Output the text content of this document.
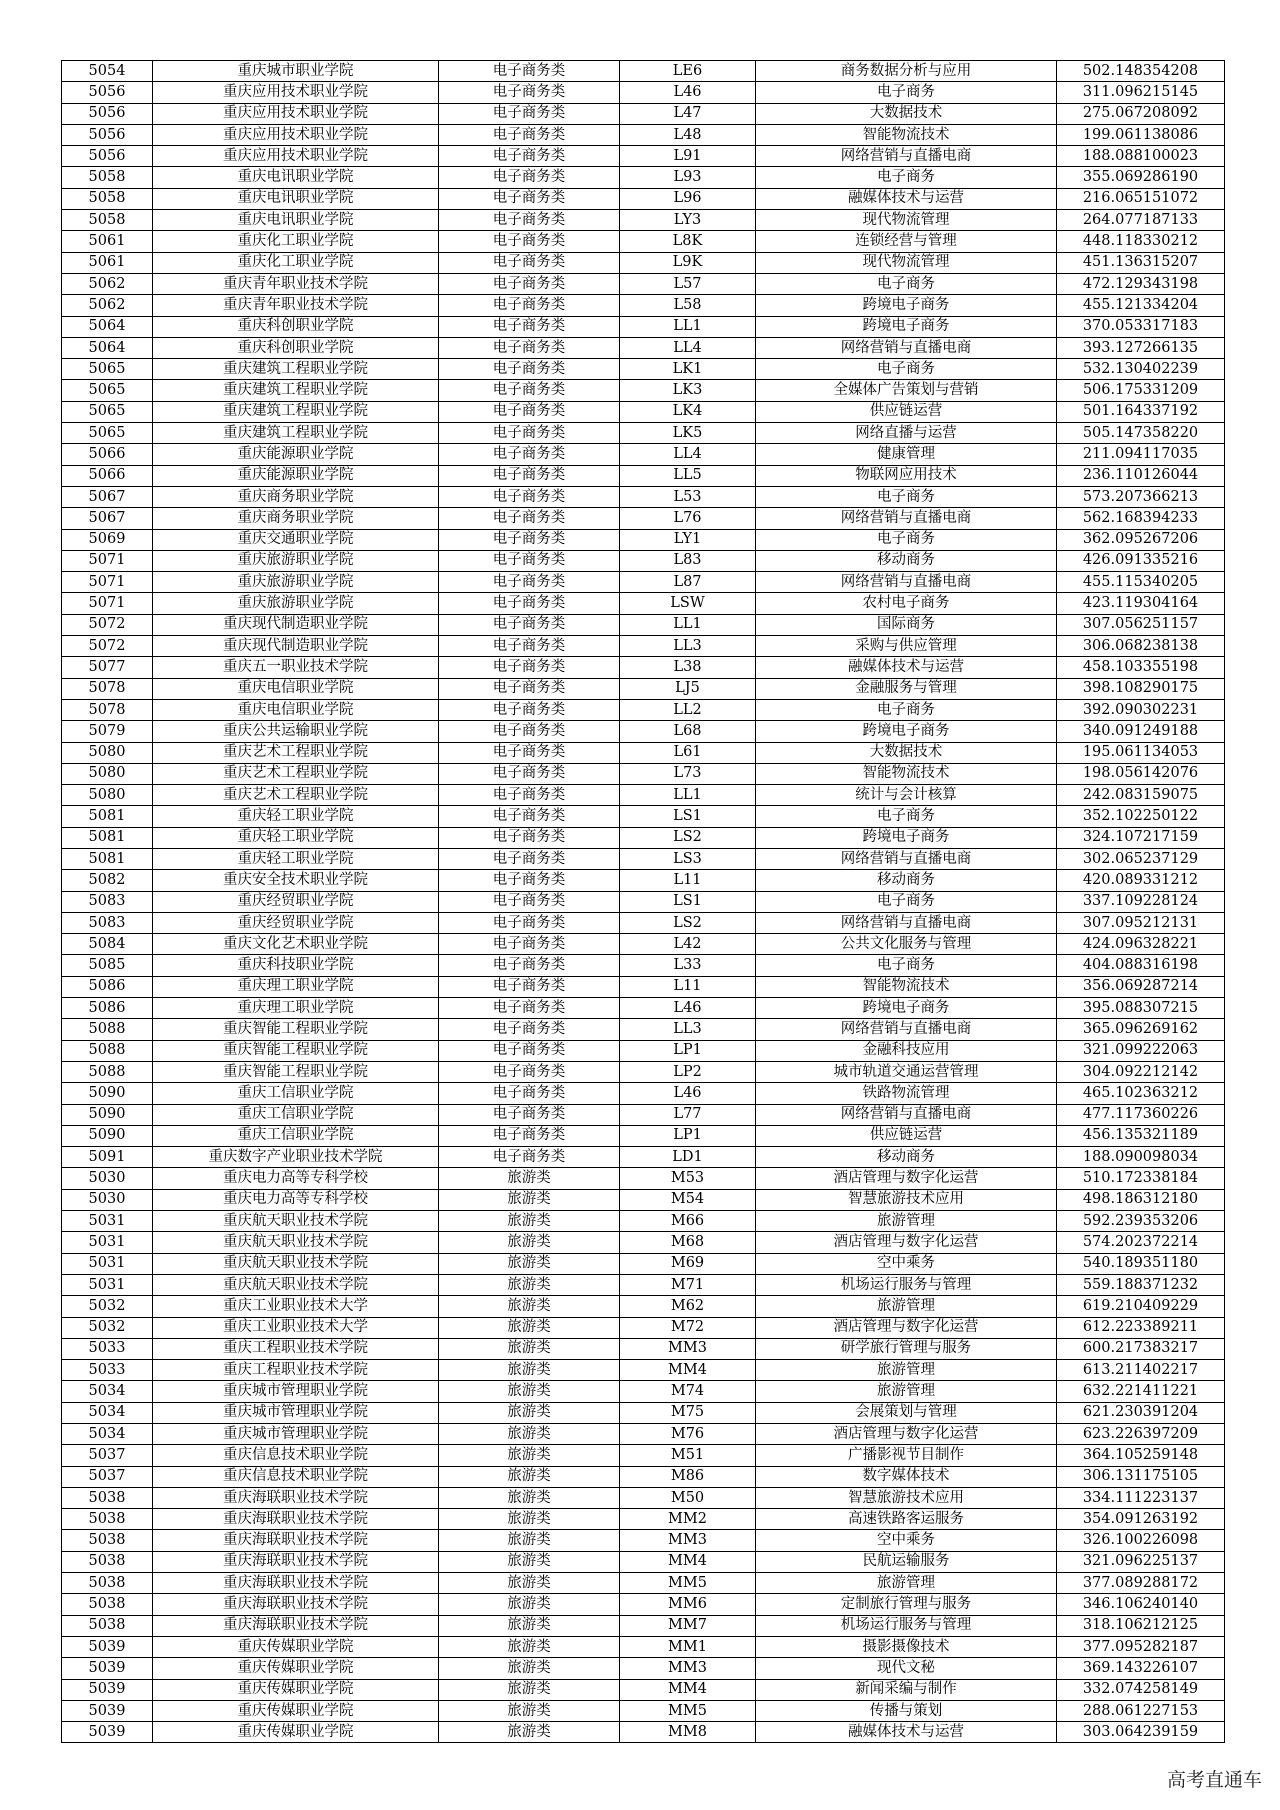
5054	重庆城市职业学院	电子商务类	LE6	商务数据分析与应用	502.148354208
5056	重庆应用技术职业学院	电子商务类	L46	电子商务	311.096215145
5056	重庆应用技术职业学院	电子商务类	L47	大数据技术	275.067208092
5056	重庆应用技术职业学院	电子商务类	L48	智能物流技术	199.061138086
5056	重庆应用技术职业学院	电子商务类	L91	网络营销与直播电商	188.088100023
5058	重庆电讯职业学院	电子商务类	L93	电子商务	355.069286190
5058	重庆电讯职业学院	电子商务类	L96	融媒体技术与运营	216.065151072
5058	重庆电讯职业学院	电子商务类	LY3	现代物流管理	264.077187133
5061	重庆化工职业学院	电子商务类	L8K	连锁经营与管理	448.118330212
5061	重庆化工职业学院	电子商务类	L9K	现代物流管理	451.136315207
5062	重庆青年职业技术学院	电子商务类	L57	电子商务	472.129343198
5062	重庆青年职业技术学院	电子商务类	L58	跨境电子商务	455.121334204
5064	重庆科创职业学院	电子商务类	LL1	跨境电子商务	370.053317183
5064	重庆科创职业学院	电子商务类	LL4	网络营销与直播电商	393.127266135
5065	重庆建筑工程职业学院	电子商务类	LK1	电子商务	532.130402239
5065	重庆建筑工程职业学院	电子商务类	LK3	全媒体广告策划与营销	506.175331209
5065	重庆建筑工程职业学院	电子商务类	LK4	供应链运营	501.164337192
5065	重庆建筑工程职业学院	电子商务类	LK5	网络直播与运营	505.147358220
5066	重庆能源职业学院	电子商务类	LL4	健康管理	211.094117035
5066	重庆能源职业学院	电子商务类	LL5	物联网应用技术	236.110126044
5067	重庆商务职业学院	电子商务类	L53	电子商务	573.207366213
5067	重庆商务职业学院	电子商务类	L76	网络营销与直播电商	562.168394233
5069	重庆交通职业学院	电子商务类	LY1	电子商务	362.095267206
5071	重庆旅游职业学院	电子商务类	L83	移动商务	426.091335216
5071	重庆旅游职业学院	电子商务类	L87	网络营销与直播电商	455.115340205
5071	重庆旅游职业学院	电子商务类	LSW	农村电子商务	423.119304164
5072	重庆现代制造职业学院	电子商务类	LL1	国际商务	307.056251157
5072	重庆现代制造职业学院	电子商务类	LL3	采购与供应管理	306.068238138
5077	重庆五一职业技术学院	电子商务类	L38	融媒体技术与运营	458.103355198
5078	重庆电信职业学院	电子商务类	LJ5	金融服务与管理	398.108290175
5078	重庆电信职业学院	电子商务类	LL2	电子商务	392.090302231
5079	重庆公共运输职业学院	电子商务类	L68	跨境电子商务	340.091249188
5080	重庆艺术工程职业学院	电子商务类	L61	大数据技术	195.061134053
5080	重庆艺术工程职业学院	电子商务类	L73	智能物流技术	198.056142076
5080	重庆艺术工程职业学院	电子商务类	LL1	统计与会计核算	242.083159075
5081	重庆轻工职业学院	电子商务类	LS1	电子商务	352.102250122
5081	重庆轻工职业学院	电子商务类	LS2	跨境电子商务	324.107217159
5081	重庆轻工职业学院	电子商务类	LS3	网络营销与直播电商	302.065237129
5082	重庆安全技术职业学院	电子商务类	L11	移动商务	420.089331212
5083	重庆经贸职业学院	电子商务类	LS1	电子商务	337.109228124
5083	重庆经贸职业学院	电子商务类	LS2	网络营销与直播电商	307.095212131
5084	重庆文化艺术职业学院	电子商务类	L42	公共文化服务与管理	424.096328221
5085	重庆科技职业学院	电子商务类	L33	电子商务	404.088316198
5086	重庆理工职业学院	电子商务类	L11	智能物流技术	356.069287214
5086	重庆理工职业学院	电子商务类	L46	跨境电子商务	395.088307215
5088	重庆智能工程职业学院	电子商务类	LL3	网络营销与直播电商	365.096269162
5088	重庆智能工程职业学院	电子商务类	LP1	金融科技应用	321.099222063
5088	重庆智能工程职业学院	电子商务类	LP2	城市轨道交通运营管理	304.092212142
5090	重庆工信职业学院	电子商务类	L46	铁路物流管理	465.102363212
5090	重庆工信职业学院	电子商务类	L77	网络营销与直播电商	477.117360226
5090	重庆工信职业学院	电子商务类	LP1	供应链运营	456.135321189
5091	重庆数字产业职业技术学院	电子商务类	LD1	移动商务	188.090098034
5030	重庆电力高等专科学校	旅游类	M53	酒店管理与数字化运营	510.172338184
5030	重庆电力高等专科学校	旅游类	M54	智慧旅游技术应用	498.186312180
5031	重庆航天职业技术学院	旅游类	M66	旅游管理	592.239353206
5031	重庆航天职业技术学院	旅游类	M68	酒店管理与数字化运营	574.202372214
5031	重庆航天职业技术学院	旅游类	M69	空中乘务	540.189351180
5031	重庆航天职业技术学院	旅游类	M71	机场运行服务与管理	559.188371232
5032	重庆工业职业技术大学	旅游类	M62	旅游管理	619.210409229
5032	重庆工业职业技术大学	旅游类	M72	酒店管理与数字化运营	612.223389211
5033	重庆工程职业技术学院	旅游类	MM3	研学旅行管理与服务	600.217383217
5033	重庆工程职业技术学院	旅游类	MM4	旅游管理	613.211402217
5034	重庆城市管理职业学院	旅游类	M74	旅游管理	632.221411221
5034	重庆城市管理职业学院	旅游类	M75	会展策划与管理	621.230391204
5034	重庆城市管理职业学院	旅游类	M76	酒店管理与数字化运营	623.226397209
5037	重庆信息技术职业学院	旅游类	M51	广播影视节目制作	364.105259148
5037	重庆信息技术职业学院	旅游类	M86	数字媒体技术	306.131175105
5038	重庆海联职业技术学院	旅游类	M50	智慧旅游技术应用	334.111223137
5038	重庆海联职业技术学院	旅游类	MM2	高速铁路客运服务	354.091263192
5038	重庆海联职业技术学院	旅游类	MM3	空中乘务	326.100226098
5038	重庆海联职业技术学院	旅游类	MM4	民航运输服务	321.096225137
5038	重庆海联职业技术学院	旅游类	MM5	旅游管理	377.089288172
5038	重庆海联职业技术学院	旅游类	MM6	定制旅行管理与服务	346.106240140
5038	重庆海联职业技术学院	旅游类	MM7	机场运行服务与管理	318.106212125
5039	重庆传媒职业学院	旅游类	MM1	摄影摄像技术	377.095282187
5039	重庆传媒职业学院	旅游类	MM3	现代文秘	369.143226107
5039	重庆传媒职业学院	旅游类	MM4	新闻采编与制作	332.074258149
5039	重庆传媒职业学院	旅游类	MM5	传播与策划	288.061227153
5039	重庆传媒职业学院	旅游类	MM8	融媒体技术与运营	303.064239159
高考直通车
